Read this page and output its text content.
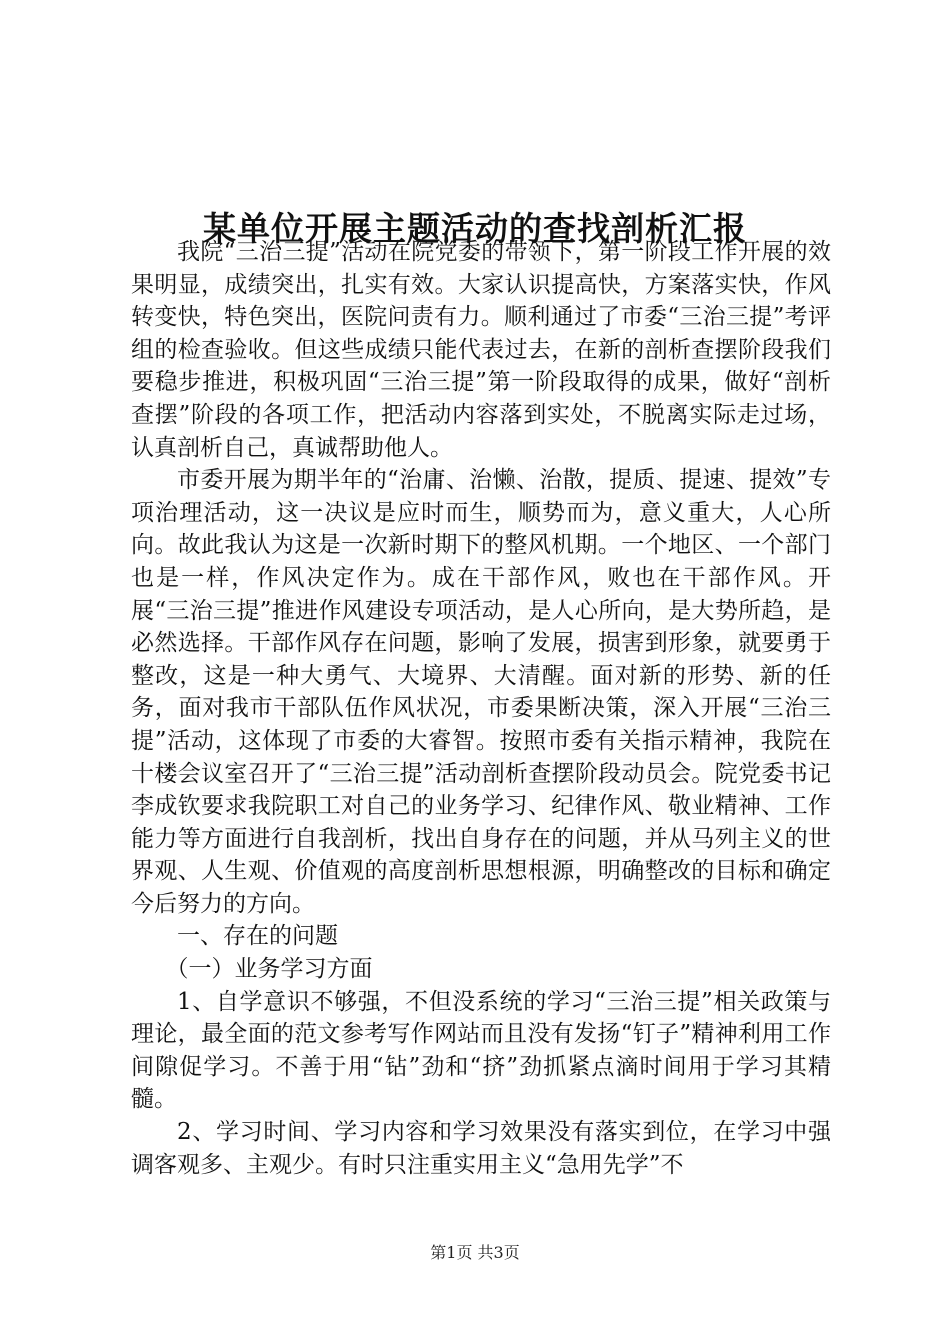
某单位开展主题活动的查找剖析汇报

我院“三治三提”活动在院党委的带领下，第一阶段工作开展的效果明显，成绩突出，扎实有效。大家认识提高快，方案落实快，作风转变快，特色突出，医院问责有力。顺利通过了市委“三治三提”考评组的检查验收。但这些成绩只能代表过去，在新的剖析查摆阶段我们要稳步推进，积极巩固“三治三提”第一阶段取得的成果，做好“剖析查摆”阶段的各项工作，把活动内容落到实处，不脱离实际走过场，认真剖析自己，真诚帮助他人。

市委开展为期半年的“治庸、治懒、治散，提质、提速、提效”专项治理活动，这一决议是应时而生，顺势而为，意义重大，人心所向。故此我认为这是一次新时期下的整风机期。一个地区、一个部门也是一样，作风决定作为。成在干部作风，败也在干部作风。开展“三治三提”推进作风建设专项活动，是人心所向，是大势所趋，是必然选择。干部作风存在问题，影响了发展，损害到形象，就要勇于整改，这是一种大勇气、大境界、大清醒。面对新的形势、新的任务，面对我市干部队伍作风状况，市委果断决策，深入开展“三治三提”活动，这体现了市委的大睿智。按照市委有关指示精神，我院在十楼会议室召开了“三治三提”活动剖析查摆阶段动员会。院党委书记李成钦要求我院职工对自己的业务学习、纪律作风、敬业精神、工作能力等方面进行自我剖析，找出自身存在的问题，并从马列主义的世界观、人生观、价值观的高度剖析思想根源，明确整改的目标和确定今后努力的方向。

一、存在的问题

（一）业务学习方面

1、自学意识不够强，不但没系统的学习“三治三提”相关政策与理论，最全面的范文参考写作网站而且没有发扬“钉子”精神利用工作间隙促学习。不善于用“钻”劲和“挤”劲抓紧点滴时间用于学习其精髓。

2、学习时间、学习内容和学习效果没有落实到位，在学习中强调客观多、主观少。有时只注重实用主义“急用先学”不

第1页 共3页
